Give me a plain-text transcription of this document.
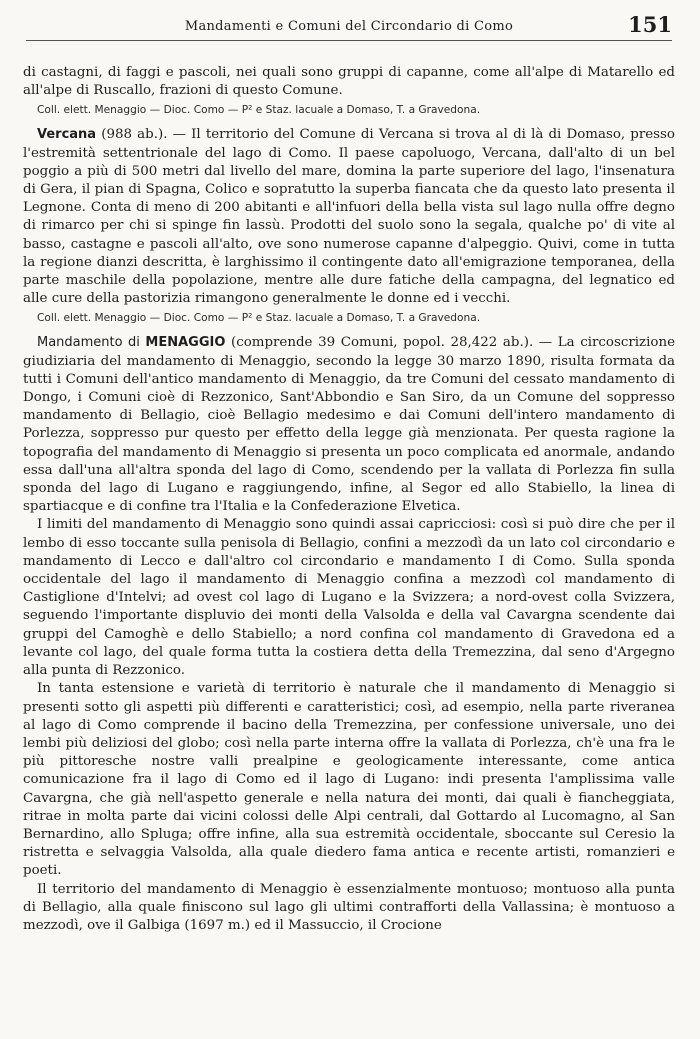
Mandamenti e Comuni del Circondario di Como	151

di castagni, di faggi e pascoli, nei quali sono gruppi di capanne, come all'alpe di Matarello ed all'alpe di Ruscallo, frazioni di questo Comune.

Coll. elett. Menaggio — Dioc. Como — P² e Staz. lacuale a Domaso, T. a Gravedona.

Vercana (988 ab.). — Il territorio del Comune di Vercana si trova al di là di Domaso, presso l'estremità settentrionale del lago di Como. Il paese capoluogo, Vercana, dall'alto di un bel poggio a più di 500 metri dal livello del mare, domina la parte superiore del lago, l'insenatura di Gera, il pian di Spagna, Colico e sopratutto la superba fiancata che da questo lato presenta il Legnone. Conta di meno di 200 abitanti e all'infuori della bella vista sul lago nulla offre degno di rimarco per chi si spinge fin lassù. Prodotti del suolo sono la segala, qualche po' di vite al basso, castagne e pascoli all'alto, ove sono numerose capanne d'alpeggio. Quivi, come in tutta la regione dianzi descritta, è larghissimo il contingente dato all'emigrazione temporanea, della parte maschile della popolazione, mentre alle dure fatiche della campagna, del legnatico ed alle cure della pastorizia rimangono generalmente le donne ed i vecchi.

Coll. elett. Menaggio — Dioc. Como — P² e Staz. lacuale a Domaso, T. a Gravedona.

Mandamento di MENAGGIO (comprende 39 Comuni, popol. 28,422 ab.). — La circoscrizione giudiziaria del mandamento di Menaggio, secondo la legge 30 marzo 1890, risulta formata da tutti i Comuni dell'antico mandamento di Menaggio, da tre Comuni del cessato mandamento di Dongo, i Comuni cioè di Rezzonico, Sant'Abbondio e San Siro, da un Comune del soppresso mandamento di Bellagio, cioè Bellagio medesimo e dai Comuni dell'intero mandamento di Porlezza, soppresso pur questo per effetto della legge già menzionata. Per questa ragione la topografia del mandamento di Menaggio si presenta un poco complicata ed anormale, andando essa dall'una all'altra sponda del lago di Como, scendendo per la vallata di Porlezza fin sulla sponda del lago di Lugano e raggiungendo, infine, al Segor ed allo Stabiello, la linea di spartiacque e di confine tra l'Italia e la Confederazione Elvetica.

I limiti del mandamento di Menaggio sono quindi assai capricciosi: così si può dire che per il lembo di esso toccante sulla penisola di Bellagio, confini a mezzodì da un lato col circondario e mandamento di Lecco e dall'altro col circondario e mandamento I di Como. Sulla sponda occidentale del lago il mandamento di Menaggio confina a mezzodì col mandamento di Castiglione d'Intelvi; ad ovest col lago di Lugano e la Svizzera; a nord-ovest colla Svizzera, seguendo l'importante displuvio dei monti della Valsolda e della val Cavargna scendente dai gruppi del Camoghè e dello Stabiello; a nord confina col mandamento di Gravedona ed a levante col lago, del quale forma tutta la costiera detta della Tremezzina, dal seno d'Argegno alla punta di Rezzonico.

In tanta estensione e varietà di territorio è naturale che il mandamento di Menaggio si presenti sotto gli aspetti più differenti e caratteristici; così, ad esempio, nella parte riveranea al lago di Como comprende il bacino della Tremezzina, per confessione universale, uno dei lembi più deliziosi del globo; così nella parte interna offre la vallata di Porlezza, ch'è una fra le più pittoresche nostre valli prealpine e geologicamente interessante, come antica comunicazione fra il lago di Como ed il lago di Lugano: indi presenta l'amplissima valle Cavargna, che già nell'aspetto generale e nella natura dei monti, dai quali è fiancheggiata, ritrae in molta parte dai vicini colossi delle Alpi centrali, dal Gottardo al Lucomagno, al San Bernardino, allo Spluga; offre infine, alla sua estremità occidentale, sboccante sul Ceresio la ristretta e selvaggia Valsolda, alla quale diedero fama antica e recente artisti, romanzieri e poeti.

Il territorio del mandamento di Menaggio è essenzialmente montuoso; montuoso alla punta di Bellagio, alla quale finiscono sul lago gli ultimi contrafforti della Vallassina; è montuoso a mezzodì, ove il Galbiga (1697 m.) ed il Massuccio, il Crocione
